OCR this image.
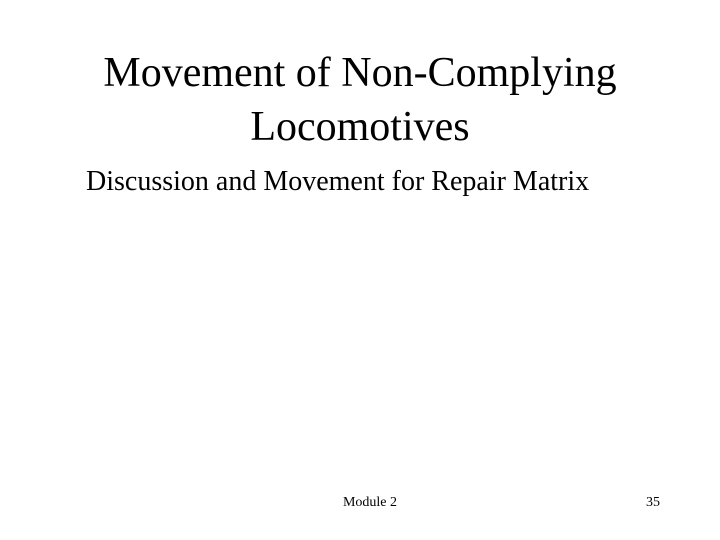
Movement of Non-Complying
Locomotives
Discussion and Movement for Repair Matrix
Module 2	35
